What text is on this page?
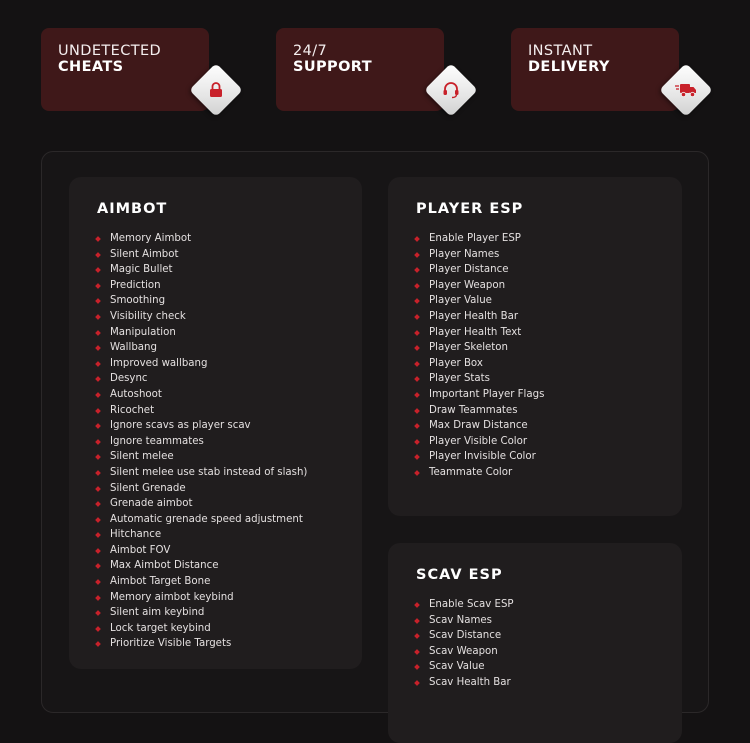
UNDETECTED
CHEATS
24/7
SUPPORT
INSTANT
DELIVERY
AIMBOT
Memory Aimbot
Silent Aimbot
Magic Bullet
Prediction
Smoothing
Visibility check
Manipulation
Wallbang
Improved wallbang
Desync
Autoshoot
Ricochet
Ignore scavs as player scav
Ignore teammates
Silent melee
Silent melee use stab instead of slash)
Silent Grenade
Grenade aimbot
Automatic grenade speed adjustment
Hitchance
Aimbot FOV
Max Aimbot Distance
Aimbot Target Bone
Memory aimbot keybind
Silent aim keybind
Lock target keybind
Prioritize Visible Targets
PLAYER ESP
Enable Player ESP
Player Names
Player Distance
Player Weapon
Player Value
Player Health Bar
Player Health Text
Player Skeleton
Player Box
Player Stats
Important Player Flags
Draw Teammates
Max Draw Distance
Player Visible Color
Player Invisible Color
Teammate Color
SCAV ESP
Enable Scav ESP
Scav Names
Scav Distance
Scav Weapon
Scav Value
Scav Health Bar
